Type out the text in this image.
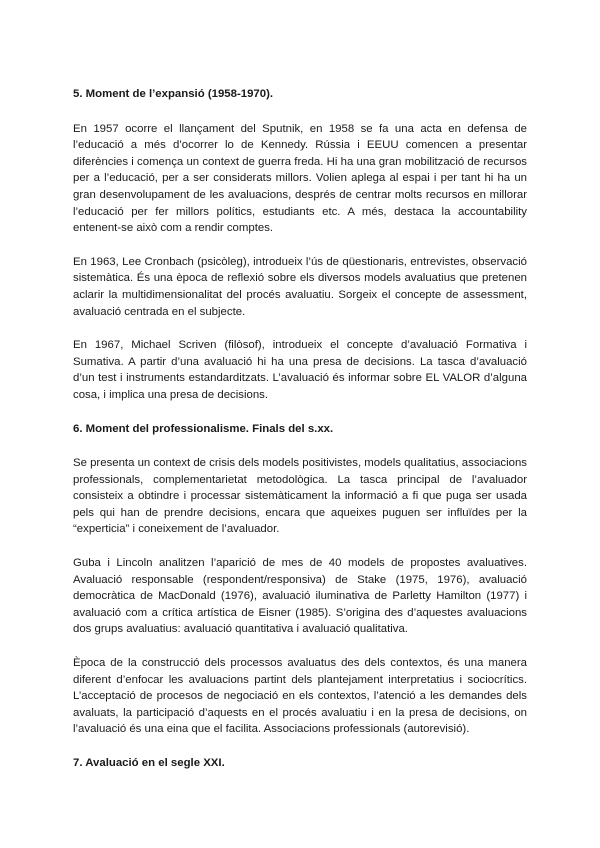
5. Moment de l’expansió (1958-1970).

En 1957 ocorre el llançament del Sputnik, en 1958 se fa una acta en defensa de l’educació a més d’ocorrer lo de Kennedy. Rússia i EEUU comencen a presentar diferències i comença un context de guerra freda. Hi ha una gran mobilització de recursos per a l’educació, per a ser considerats millors. Volien aplega al espai i per tant hi ha un gran desenvolupament de les avaluacions, després de centrar molts recursos en millorar l’educació per fer millors polítics, estudiants etc. A més, destaca la accountability entenent-se això com a rendir comptes.

En 1963, Lee Cronbach (psicòleg), introdueix l’ús de qüestionaris, entrevistes, observació sistemàtica. És una època de reflexió sobre els diversos models avaluatius que pretenen aclarir la multidimensionalitat del procés avaluatiu. Sorgeix el concepte de assessment, avaluació centrada en el subjecte.

En 1967, Michael Scriven (filòsof), introdueix el concepte d’avaluació Formativa i Sumativa. A partir d’una avaluació hi ha una presa de decisions. La tasca d’avaluació d’un test i instruments estandarditzats. L’avaluació és informar sobre EL VALOR d’alguna cosa, i implica una presa de decisions.

6. Moment del professionalisme. Finals del s.xx.

Se presenta un context de crisis dels models positivistes, models qualitatius, associacions professionals, complementarietat metodològica. La tasca principal de l’avaluador consisteix a obtindre i processar sistemàticament la informació a fi que puga ser usada pels qui han de prendre decisions, encara que aqueixes puguen ser influïdes per la “experticia” i coneixement de l’avaluador.

Guba i Lincoln analitzen l’aparició de mes de 40 models de propostes avaluatives. Avaluació responsable (respondent/responsiva) de Stake (1975, 1976), avaluació democràtica de MacDonald (1976), avaluació iluminativa de Parletty Hamilton (1977) i avaluació com a crítica artística de Eisner (1985). S’origina des d’aquestes avaluacions dos grups avaluatius: avaluació quantitativa i avaluació qualitativa.

Època de la construcció dels processos avaluatus des dels contextos, és una manera diferent d’enfocar les avaluacions partint dels plantejament interpretatius i sociocrítics. L’acceptació de procesos de negociació en els contextos, l’atenció a les demandes dels avaluats, la participació d’aquests en el procés avaluatiu i en la presa de decisions, on l’avaluació és una eina que el facilita. Associacions professionals (autorevisió).

7. Avaluació en el segle XXI.
